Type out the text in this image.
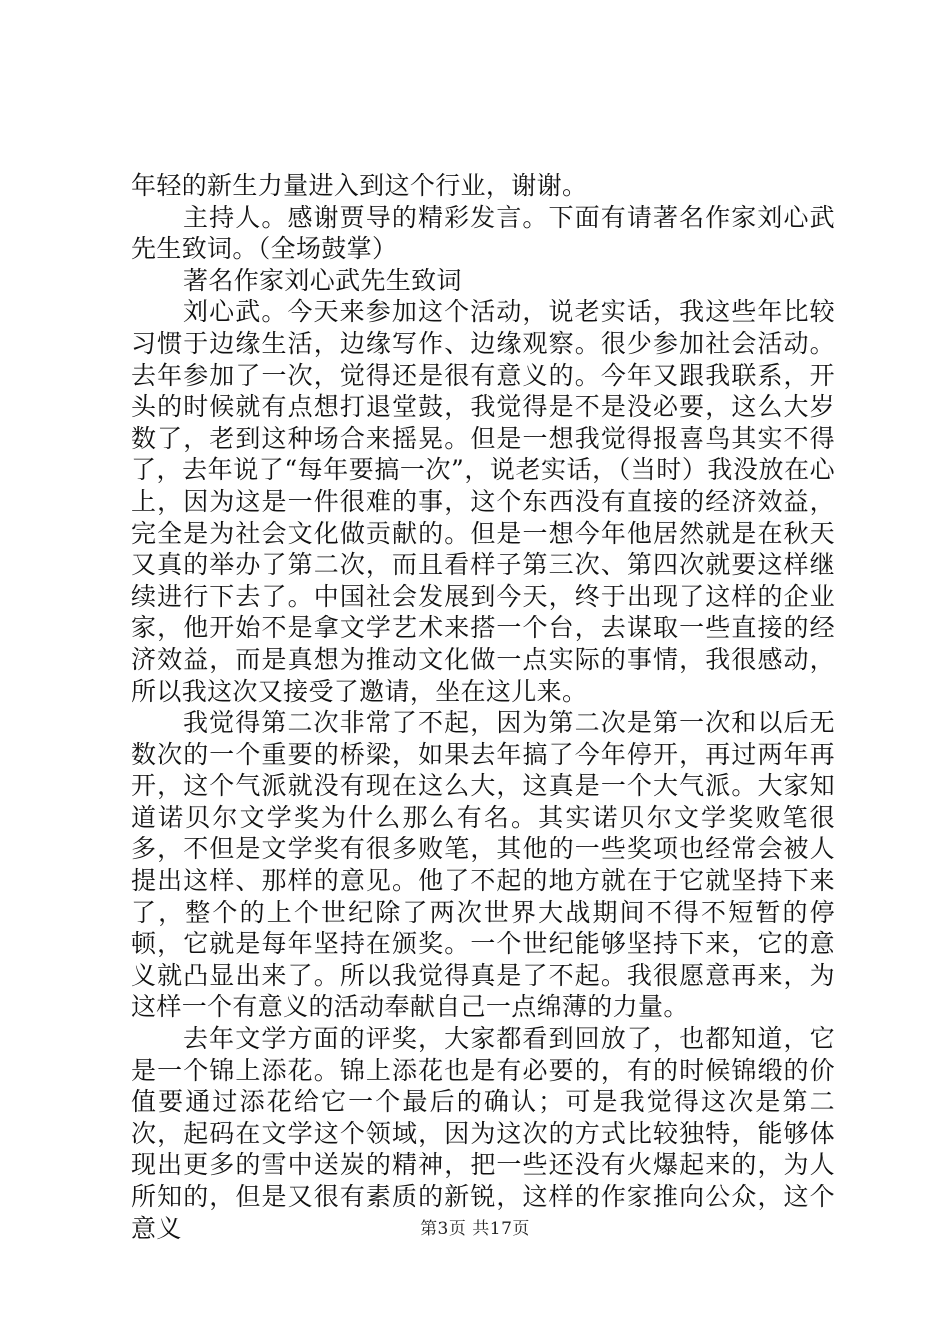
年轻的新生力量进入到这个行业，谢谢。

主持人。感谢贾导的精彩发言。下面有请著名作家刘心武先生致词。（全场鼓掌）

著名作家刘心武先生致词

刘心武。今天来参加这个活动，说老实话，我这些年比较习惯于边缘生活，边缘写作、边缘观察。很少参加社会活动。去年参加了一次，觉得还是很有意义的。今年又跟我联系，开头的时候就有点想打退堂鼓，我觉得是不是没必要，这么大岁数了，老到这种场合来摇晃。但是一想我觉得报喜鸟其实不得了，去年说了“每年要搞一次”，说老实话，（当时）我没放在心上，因为这是一件很难的事，这个东西没有直接的经济效益，完全是为社会文化做贡献的。但是一想今年他居然就是在秋天又真的举办了第二次，而且看样子第三次、第四次就要这样继续进行下去了。中国社会发展到今天，终于出现了这样的企业家，他开始不是拿文学艺术来搭一个台，去谋取一些直接的经济效益，而是真想为推动文化做一点实际的事情，我很感动，所以我这次又接受了邀请，坐在这儿来。

我觉得第二次非常了不起，因为第二次是第一次和以后无数次的一个重要的桥梁，如果去年搞了今年停开，再过两年再开，这个气派就没有现在这么大，这真是一个大气派。大家知道诺贝尔文学奖为什么那么有名。其实诺贝尔文学奖败笔很多，不但是文学奖有很多败笔，其他的一些奖项也经常会被人提出这样、那样的意见。他了不起的地方就在于它就坚持下来了，整个的上个世纪除了两次世界大战期间不得不短暂的停顿，它就是每年坚持在颁奖。一个世纪能够坚持下来，它的意义就凸显出来了。所以我觉得真是了不起。我很愿意再来，为这样一个有意义的活动奉献自己一点绵薄的力量。

去年文学方面的评奖，大家都看到回放了，也都知道，它是一个锦上添花。锦上添花也是有必要的，有的时候锦缎的价值要通过添花给它一个最后的确认；可是我觉得这次是第二次，起码在文学这个领域，因为这次的方式比较独特，能够体现出更多的雪中送炭的精神，把一些还没有火爆起来的，为人所知的，但是又很有素质的新锐，这样的作家推向公众，这个意义	第3页 共17页
